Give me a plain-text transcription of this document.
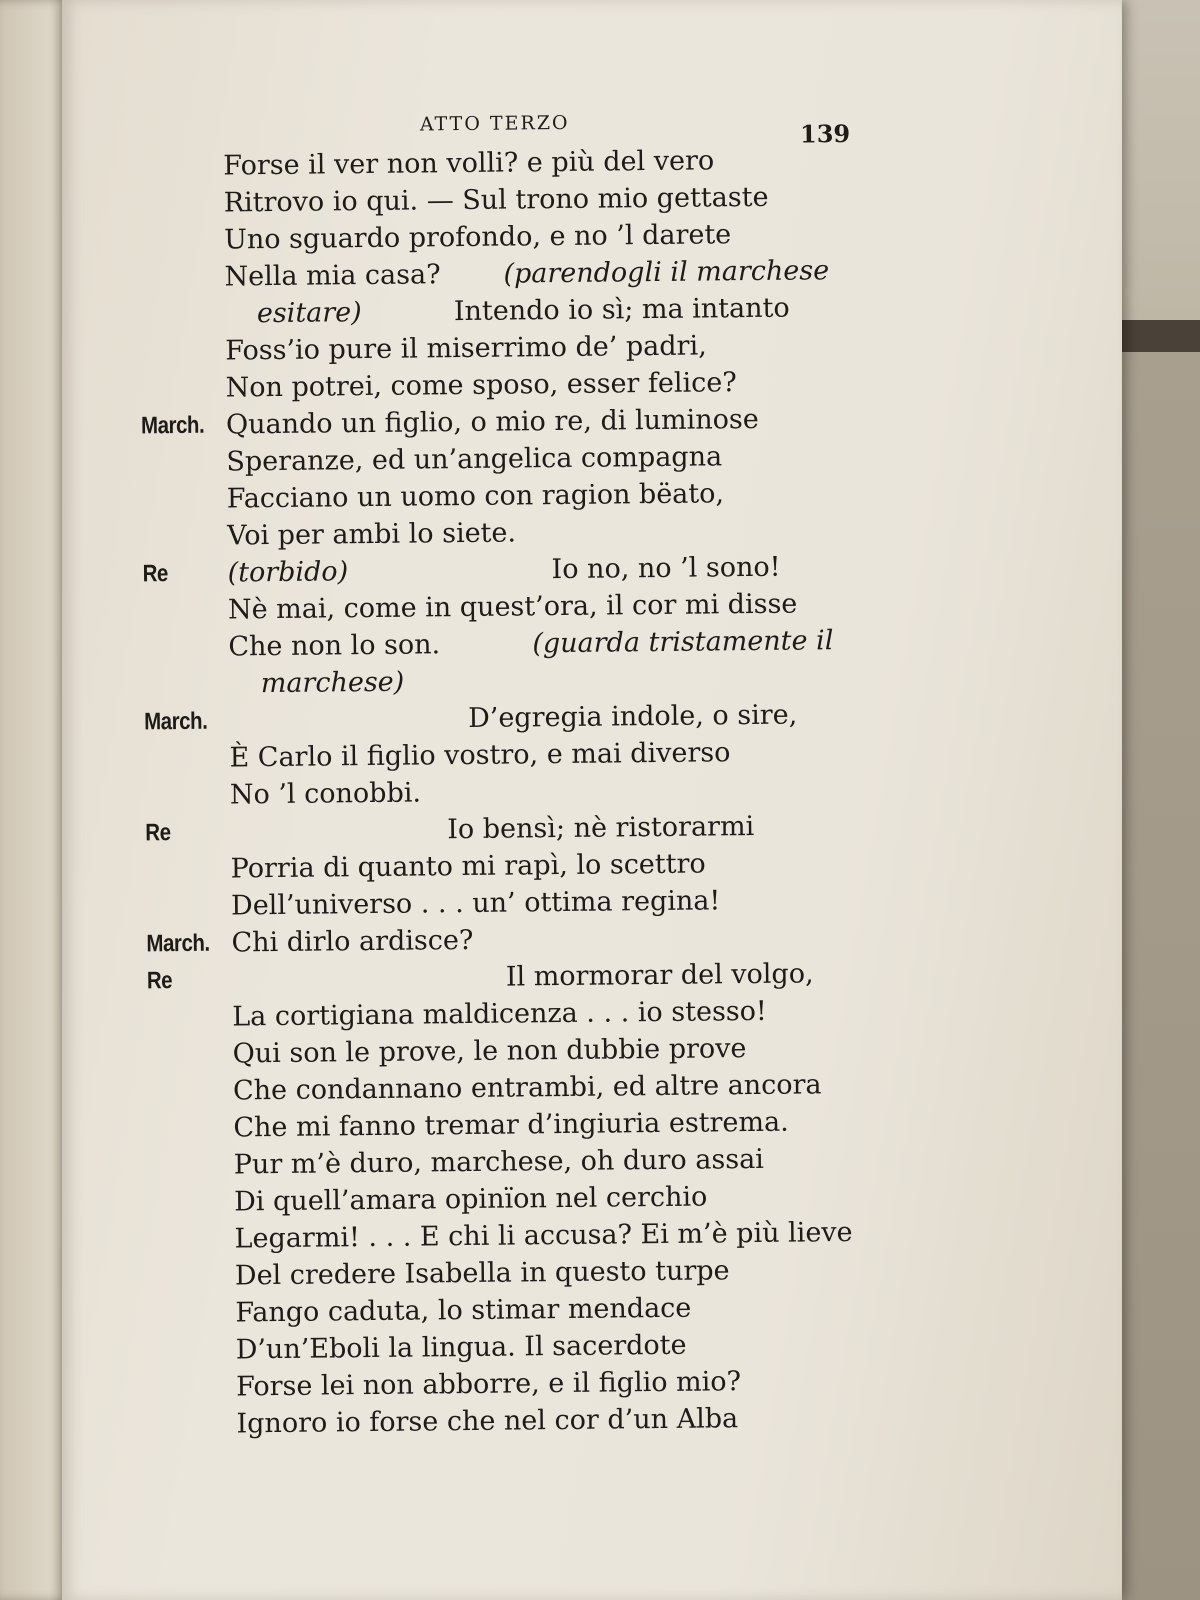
ATTO TERZO	139
Forse il ver non volli? e più del vero
Ritrovo io qui. — Sul trono mio gettaste
Uno sguardo profondo, e no ’l darete
Nella mia casa? (parendogli il marchese
esitare)	Intendo io sì; ma intanto
Foss’io pure il miserrimo de’ padri,
Non potrei, come sposo, esser felice?
March. Quando un figlio, o mio re, di luminose
Speranze, ed un’angelica compagna
Facciano un uomo con ragion bëato,
Voi per ambi lo siete.
Re (torbido)	Io no, no ’l sono!
Nè mai, come in quest’ora, il cor mi disse
Che non lo son.	(guarda tristamente il
marchese)
March.	D’egregia indole, o sire,
È Carlo il figlio vostro, e mai diverso
No ’l conobbi.
Re	Io bensì; nè ristorarmi
Porria di quanto mi rapì, lo scettro
Dell’universo . . . un’ ottima regina!
March. Chi dirlo ardisce?
Re	Il mormorar del volgo,
La cortigiana maldicenza . . . io stesso!
Qui son le prove, le non dubbie prove
Che condannano entrambi, ed altre ancora
Che mi fanno tremar d’ingiuria estrema.
Pur m’è duro, marchese, oh duro assai
Di quell’amara opinïon nel cerchio
Legarmi! . . . E chi li accusa? Ei m’è più lieve
Del credere Isabella in questo turpe
Fango caduta, lo stimar mendace
D’un’Eboli la lingua. Il sacerdote
Forse lei non abborre, e il figlio mio?
Ignoro io forse che nel cor d’un Alba
